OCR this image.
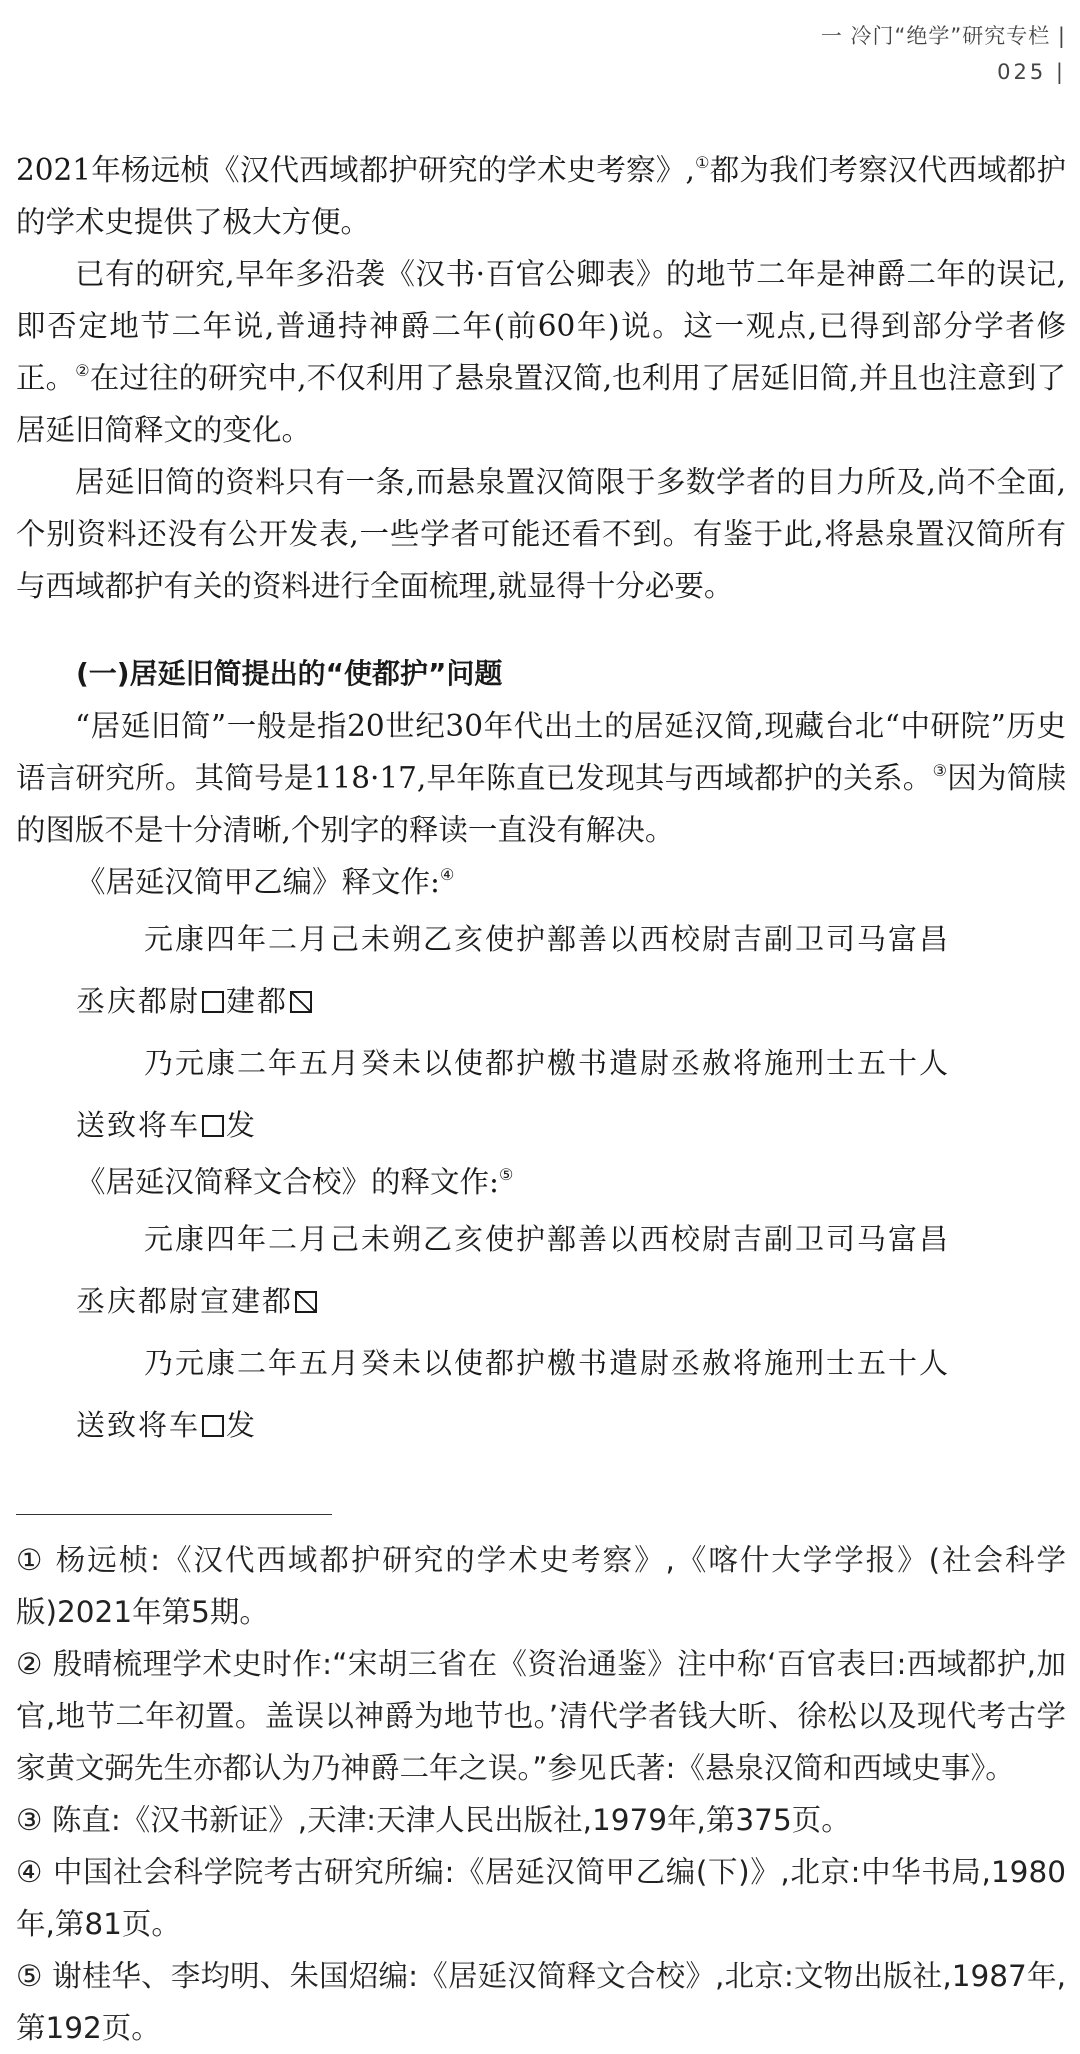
一 冷门“绝学”研究专栏 |
025 |

2021年杨远桢《汉代西域都护研究的学术史考察》,①都为我们考察汉代西域都护的学术史提供了极大方便。

已有的研究,早年多沿袭《汉书·百官公卿表》的地节二年是神爵二年的误记,即否定地节二年说,普通持神爵二年(前60年)说。这一观点,已得到部分学者修正。②在过往的研究中,不仅利用了悬泉置汉简,也利用了居延旧简,并且也注意到了居延旧简释文的变化。

居延旧简的资料只有一条,而悬泉置汉简限于多数学者的目力所及,尚不全面,个别资料还没有公开发表,一些学者可能还看不到。有鉴于此,将悬泉置汉简所有与西域都护有关的资料进行全面梳理,就显得十分必要。

(一)居延旧简提出的“使都护”问题

“居延旧简”一般是指20世纪30年代出土的居延汉简,现藏台北“中研院”历史语言研究所。其简号是118·17,早年陈直已发现其与西域都护的关系。③因为简牍的图版不是十分清晰,个别字的释读一直没有解决。

《居延汉简甲乙编》释文作:④
元康四年二月己未朔乙亥使护鄯善以西校尉吉副卫司马富昌
丞庆都尉 建都
乃元康二年五月癸未以使都护檄书遣尉丞赦将施刑士五十人
送致将车 发
《居延汉简释文合校》的释文作:⑤
元康四年二月己未朔乙亥使护鄯善以西校尉吉副卫司马富昌
丞庆都尉宣建都
乃元康二年五月癸未以使都护檄书遣尉丞赦将施刑士五十人
送致将车 发

① 杨远桢:《汉代西域都护研究的学术史考察》,《喀什大学学报》(社会科学版)2021年第5期。

② 殷晴梳理学术史时作:“宋胡三省在《资治通鉴》注中称‘百官表曰:西域都护,加官,地节二年初置。盖误以神爵为地节也。’清代学者钱大昕、徐松以及现代考古学家黄文弼先生亦都认为乃神爵二年之误。”参见氏著:《悬泉汉简和西域史事》。

③ 陈直:《汉书新证》,天津:天津人民出版社,1979年,第375页。

④ 中国社会科学院考古研究所编:《居延汉简甲乙编(下)》,北京:中华书局,1980年,第81页。

⑤ 谢桂华、李均明、朱国炤编:《居延汉简释文合校》,北京:文物出版社,1987年,第192页。
